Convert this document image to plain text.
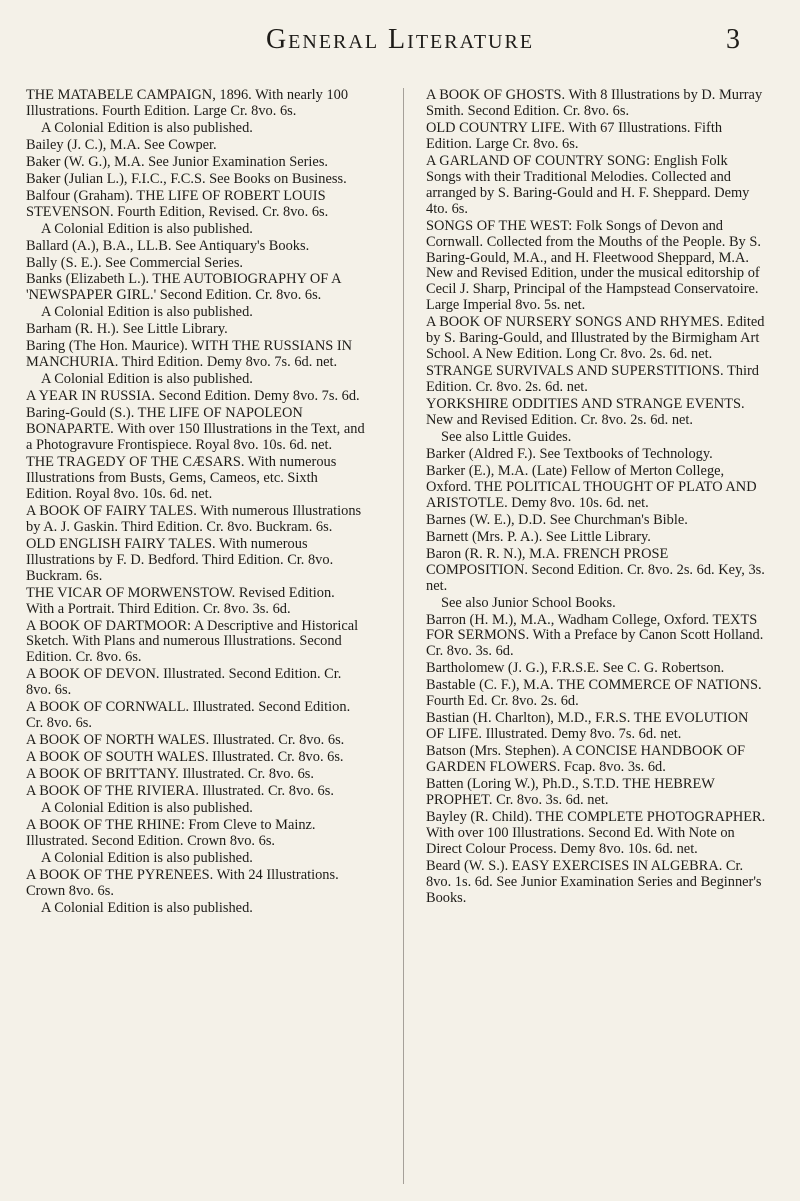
General Literature	3
THE MATABELE CAMPAIGN, 1896. With nearly 100 Illustrations. Fourth Edition. Large Cr. 8vo. 6s.
A Colonial Edition is also published.
Bailey (J. C.), M.A. See Cowper.
Baker (W. G.), M.A. See Junior Examination Series.
Baker (Julian L.), F.I.C., F.C.S. See Books on Business.
Balfour (Graham). THE LIFE OF ROBERT LOUIS STEVENSON. Fourth Edition, Revised. Cr. 8vo. 6s.
A Colonial Edition is also published.
Ballard (A.), B.A., LL.B. See Antiquary's Books.
Bally (S. E.). See Commercial Series.
Banks (Elizabeth L.). THE AUTOBIOGRAPHY OF A 'NEWSPAPER GIRL.' Second Edition. Cr. 8vo. 6s.
A Colonial Edition is also published.
Barham (R. H.). See Little Library.
Baring (The Hon. Maurice). WITH THE RUSSIANS IN MANCHURIA. Third Edition. Demy 8vo. 7s. 6d. net.
A Colonial Edition is also published.
A YEAR IN RUSSIA. Second Edition. Demy 8vo. 7s. 6d.
Baring-Gould (S.). THE LIFE OF NAPOLEON BONAPARTE. With over 150 Illustrations in the Text, and a Photogravure Frontispiece. Royal 8vo. 10s. 6d. net.
THE TRAGEDY OF THE CÆSARS. With numerous Illustrations from Busts, Gems, Cameos, etc. Sixth Edition. Royal 8vo. 10s. 6d. net.
A BOOK OF FAIRY TALES. With numerous Illustrations by A. J. Gaskin. Third Edition. Cr. 8vo. Buckram. 6s.
OLD ENGLISH FAIRY TALES. With numerous Illustrations by F. D. Bedford. Third Edition. Cr. 8vo. Buckram. 6s.
THE VICAR OF MORWENSTOW. Revised Edition. With a Portrait. Third Edition. Cr. 8vo. 3s. 6d.
A BOOK OF DARTMOOR: A Descriptive and Historical Sketch. With Plans and numerous Illustrations. Second Edition. Cr. 8vo. 6s.
A BOOK OF DEVON. Illustrated. Second Edition. Cr. 8vo. 6s.
A BOOK OF CORNWALL. Illustrated. Second Edition. Cr. 8vo. 6s.
A BOOK OF NORTH WALES. Illustrated. Cr. 8vo. 6s.
A BOOK OF SOUTH WALES. Illustrated. Cr. 8vo. 6s.
A BOOK OF BRITTANY. Illustrated. Cr. 8vo. 6s.
A BOOK OF THE RIVIERA. Illustrated. Cr. 8vo. 6s.
A Colonial Edition is also published.
A BOOK OF THE RHINE: From Cleve to Mainz. Illustrated. Second Edition. Crown 8vo. 6s.
A Colonial Edition is also published.
A BOOK OF THE PYRENEES. With 24 Illustrations. Crown 8vo. 6s.
A Colonial Edition is also published.
A BOOK OF GHOSTS. With 8 Illustrations by D. Murray Smith. Second Edition. Cr. 8vo. 6s.
OLD COUNTRY LIFE. With 67 Illustrations. Fifth Edition. Large Cr. 8vo. 6s.
A GARLAND OF COUNTRY SONG: English Folk Songs with their Traditional Melodies. Collected and arranged by S. Baring-Gould and H. F. Sheppard. Demy 4to. 6s.
SONGS OF THE WEST: Folk Songs of Devon and Cornwall. Collected from the Mouths of the People. By S. Baring-Gould, M.A., and H. Fleetwood Sheppard, M.A. New and Revised Edition, under the musical editorship of Cecil J. Sharp, Principal of the Hampstead Conservatoire. Large Imperial 8vo. 5s. net.
A BOOK OF NURSERY SONGS AND RHYMES. Edited by S. Baring-Gould, and Illustrated by the Birmigham Art School. A New Edition. Long Cr. 8vo. 2s. 6d. net.
STRANGE SURVIVALS AND SUPERSTITIONS. Third Edition. Cr. 8vo. 2s. 6d. net.
YORKSHIRE ODDITIES AND STRANGE EVENTS. New and Revised Edition. Cr. 8vo. 2s. 6d. net.
See also Little Guides.
Barker (Aldred F.). See Textbooks of Technology.
Barker (E.), M.A. (Late) Fellow of Merton College, Oxford. THE POLITICAL THOUGHT OF PLATO AND ARISTOTLE. Demy 8vo. 10s. 6d. net.
Barnes (W. E.), D.D. See Churchman's Bible.
Barnett (Mrs. P. A.). See Little Library.
Baron (R. R. N.), M.A. FRENCH PROSE COMPOSITION. Second Edition. Cr. 8vo. 2s. 6d. Key, 3s. net.
See also Junior School Books.
Barron (H. M.), M.A., Wadham College, Oxford. TEXTS FOR SERMONS. With a Preface by Canon Scott Holland. Cr. 8vo. 3s. 6d.
Bartholomew (J. G.), F.R.S.E. See C. G. Robertson.
Bastable (C. F.), M.A. THE COMMERCE OF NATIONS. Fourth Ed. Cr. 8vo. 2s. 6d.
Bastian (H. Charlton), M.D., F.R.S. THE EVOLUTION OF LIFE. Illustrated. Demy 8vo. 7s. 6d. net.
Batson (Mrs. Stephen). A CONCISE HANDBOOK OF GARDEN FLOWERS. Fcap. 8vo. 3s. 6d.
Batten (Loring W.), Ph.D., S.T.D. THE HEBREW PROPHET. Cr. 8vo. 3s. 6d. net.
Bayley (R. Child). THE COMPLETE PHOTOGRAPHER. With over 100 Illustrations. Second Ed. With Note on Direct Colour Process. Demy 8vo. 10s. 6d. net.
Beard (W. S.). EASY EXERCISES IN ALGEBRA. Cr. 8vo. 1s. 6d. See Junior Examination Series and Beginner's Books.
